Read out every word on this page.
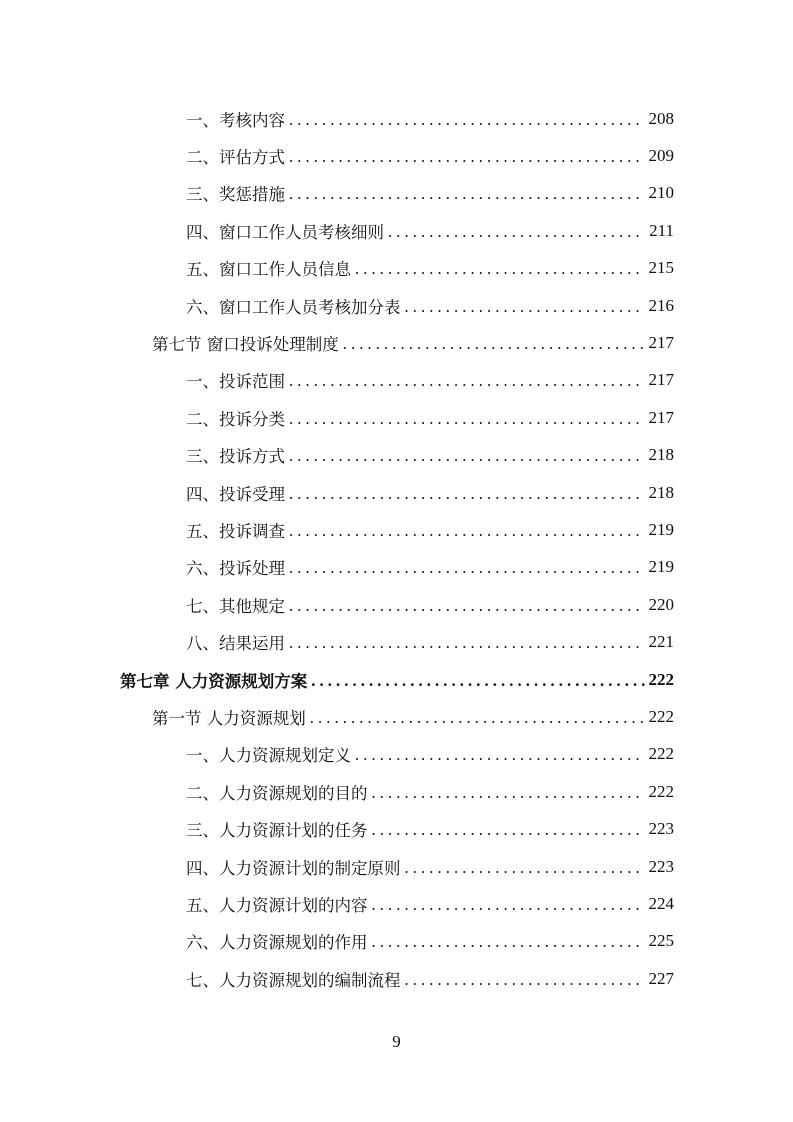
一、考核内容 . . .	208
二、评估方式 . . .	209
三、奖惩措施 . . .	210
四、窗口工作人员考核细则 . . .	211
五、窗口工作人员信息 . . .	215
六、窗口工作人员考核加分表 . . .	216
第七节 窗口投诉处理制度 . . .	217
一、投诉范围 . . .	217
二、投诉分类 . . .	217
三、投诉方式 . . .	218
四、投诉受理 . . .	218
五、投诉调查 . . .	219
六、投诉处理 . . .	219
七、其他规定 . . .	220
八、结果运用 . . .	221
第七章 人力资源规划方案 . . .	222
第一节 人力资源规划 . . .	222
一、人力资源规划定义 . . .	222
二、人力资源规划的目的 . . .	222
三、人力资源计划的任务 . . .	223
四、人力资源计划的制定原则 . . .	223
五、人力资源计划的内容 . . .	224
六、人力资源规划的作用 . . .	225
七、人力资源规划的编制流程 . . .	227
9
